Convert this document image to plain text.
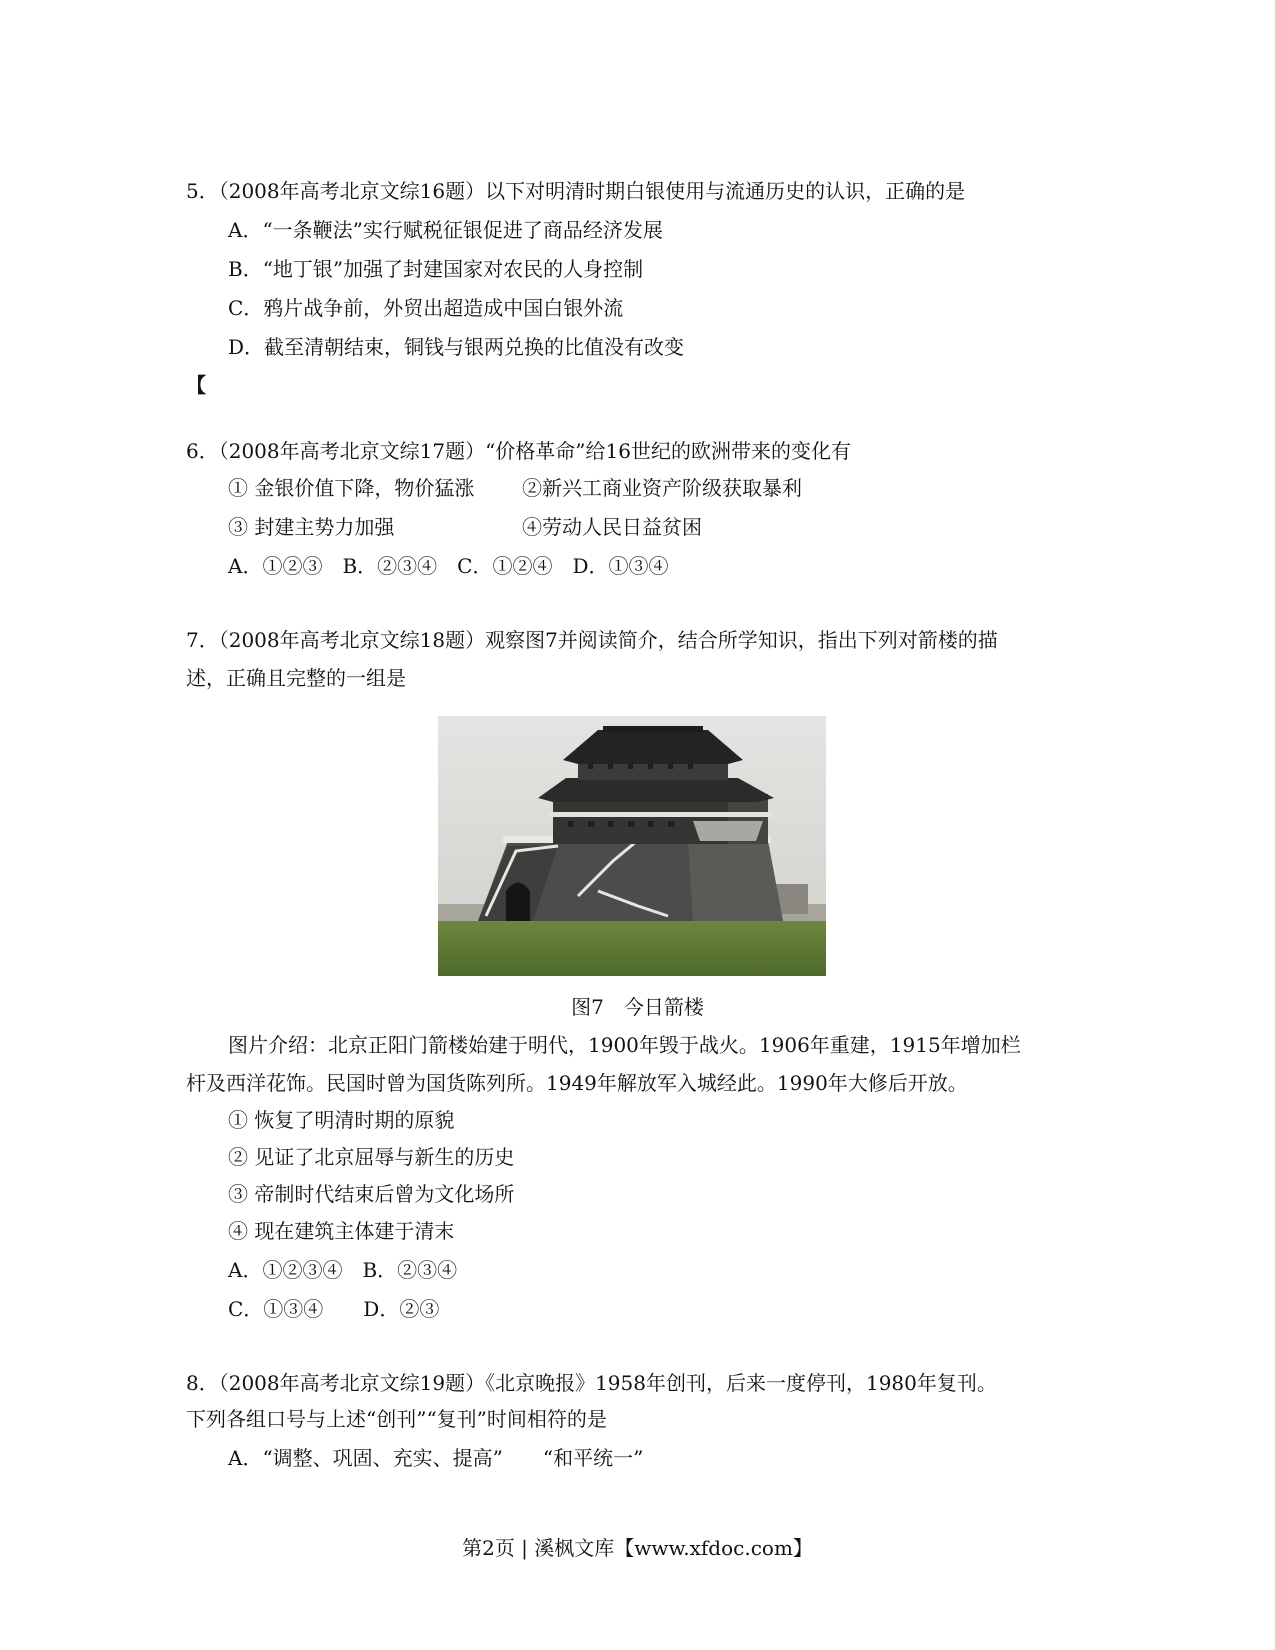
5．（2008年高考北京文综16题）以下对明清时期白银使用与流通历史的认识，正确的是
A．“一条鞭法”实行赋税征银促进了商品经济发展
B．“地丁银”加强了封建国家对农民的人身控制
C．鸦片战争前，外贸出超造成中国白银外流
D．截至清朝结束，铜钱与银两兑换的比值没有改变
【
6．（2008年高考北京文综17题）“价格革命”给16世纪的欧洲带来的变化有
① 金银价值下降，物价猛涨 ②新兴工商业资产阶级获取暴利
③ 封建主势力加强	④劳动人民日益贫困
A．①②③　B．②③④　C．①②④　D．①③④
7．（2008年高考北京文综18题）观察图7并阅读简介，结合所学知识，指出下列对箭楼的描
述，正确且完整的一组是
图7　今日箭楼
图片介绍：北京正阳门箭楼始建于明代，1900年毁于战火。1906年重建，1915年增加栏
杆及西洋花饰。民国时曾为国货陈列所。1949年解放军入城经此。1990年大修后开放。
① 恢复了明清时期的原貌
② 见证了北京屈辱与新生的历史
③ 帝制时代结束后曾为文化场所
④ 现在建筑主体建于清末
A．①②③④　B．②③④
C．①③④　　D．②③
8．（2008年高考北京文综19题）《北京晚报》1958年创刊，后来一度停刊，1980年复刊。
下列各组口号与上述“创刊”“复刊”时间相符的是
A．“调整、巩固、充实、提高”　　“和平统一”
第2页 | 溪枫文库【www.xfdoc.com】
